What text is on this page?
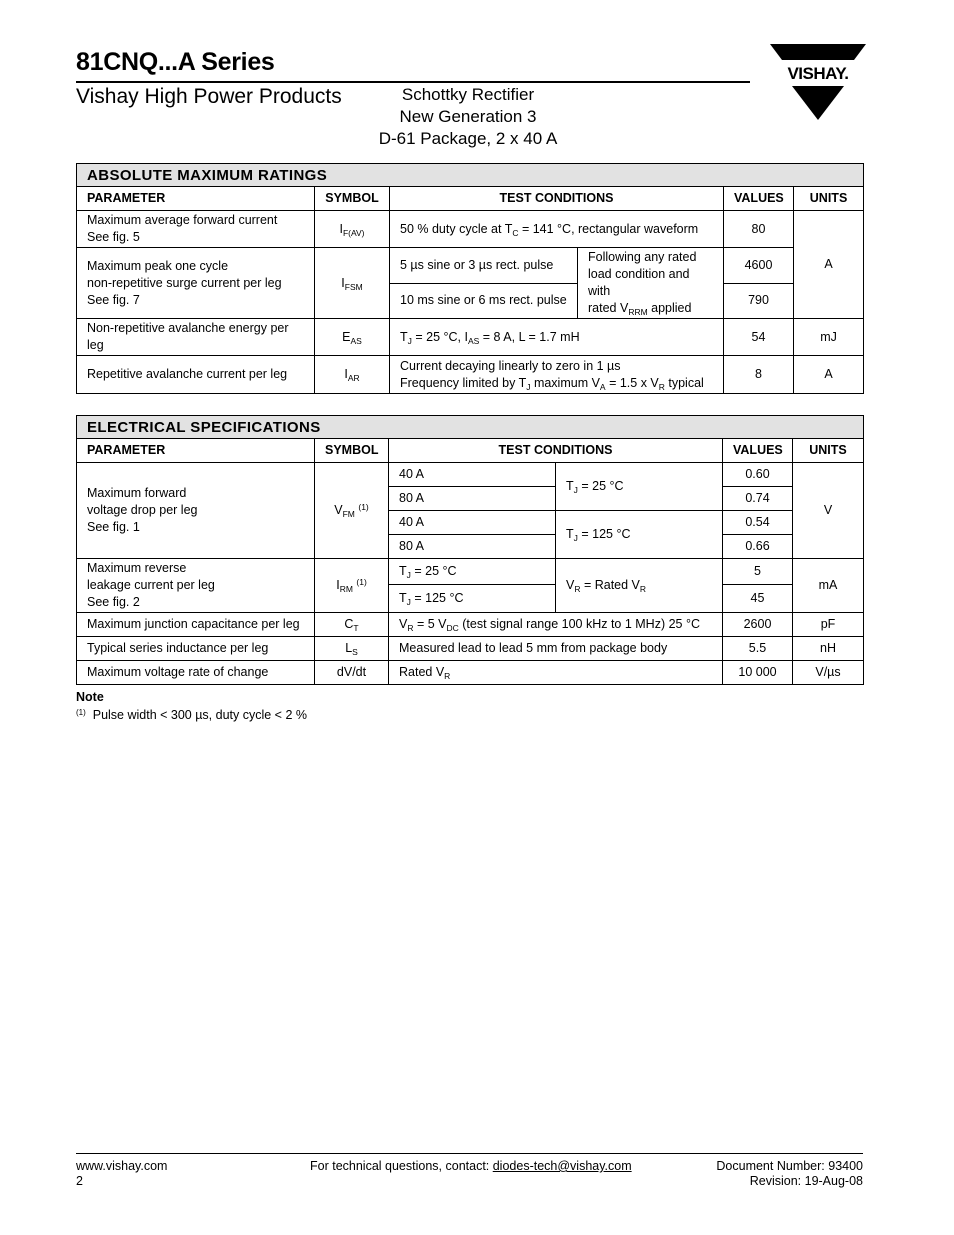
81CNQ...A Series
Vishay High Power Products	Schottky Rectifier
New Generation 3
D-61 Package, 2 x 40 A
VISHAY.
ABSOLUTE MAXIMUM RATINGS					
PARAMETER	SYMBOL	TEST CONDITIONS		VALUES	UNITS
Maximum average forward current
See fig. 5	$I_{F(AV)}$	50 % duty cycle at $T_C = 141$ °C, rectangular waveform		80	A
Maximum peak one cycle
non-repetitive surge current per leg
See fig. 7	$I_{FSM}$	5 µs sine or 3 µs rect. pulse	Following any rated
load condition and with
rated $V_{RRM}$ applied	4600	
		10 ms sine or 6 ms rect. pulse		790	
Non-repetitive avalanche energy per leg	$E_{AS}$	$T_J = 25$ °C, $I_{AS} = 8$ A, L = 1.7 mH		54	mJ
Repetitive avalanche current per leg	$I_{AR}$	Current decaying linearly to zero in 1 µs
Frequency limited by $T_J$ maximum $V_A = 1.5$ x $V_R$ typical		8	A
ELECTRICAL SPECIFICATIONS					
PARAMETER	SYMBOL	TEST CONDITIONS		VALUES	UNITS
Maximum forward
voltage drop per leg
See fig. 1	$V_{FM}$ $^{(1)}$	40 A	$T_J = 25$ °C	0.60	V
		80 A		0.74	
		40 A	$T_J = 125$ °C	0.54	
		80 A		0.66	
Maximum reverse
leakage current per leg
See fig. 2	$I_{RM}$ $^{(1)}$	$T_J = 25$ °C	$V_R$ = Rated $V_R$	5	mA
		$T_J = 125$ °C		45	
Maximum junction capacitance per leg	$C_T$	$V_R = 5$ $V_{DC}$ (test signal range 100 kHz to 1 MHz) 25 °C		2600	pF
Typical series inductance per leg	$L_S$	Measured lead to lead 5 mm from package body		5.5	nH
Maximum voltage rate of change	dV/dt	Rated $V_R$		10 000	V/µs
Note
$^{(1)}$ Pulse width < 300 µs, duty cycle < 2 %
www.vishay.com
2
For technical questions, contact: diodes-tech@vishay.com	Document Number: 93400
Revision: 19-Aug-08
